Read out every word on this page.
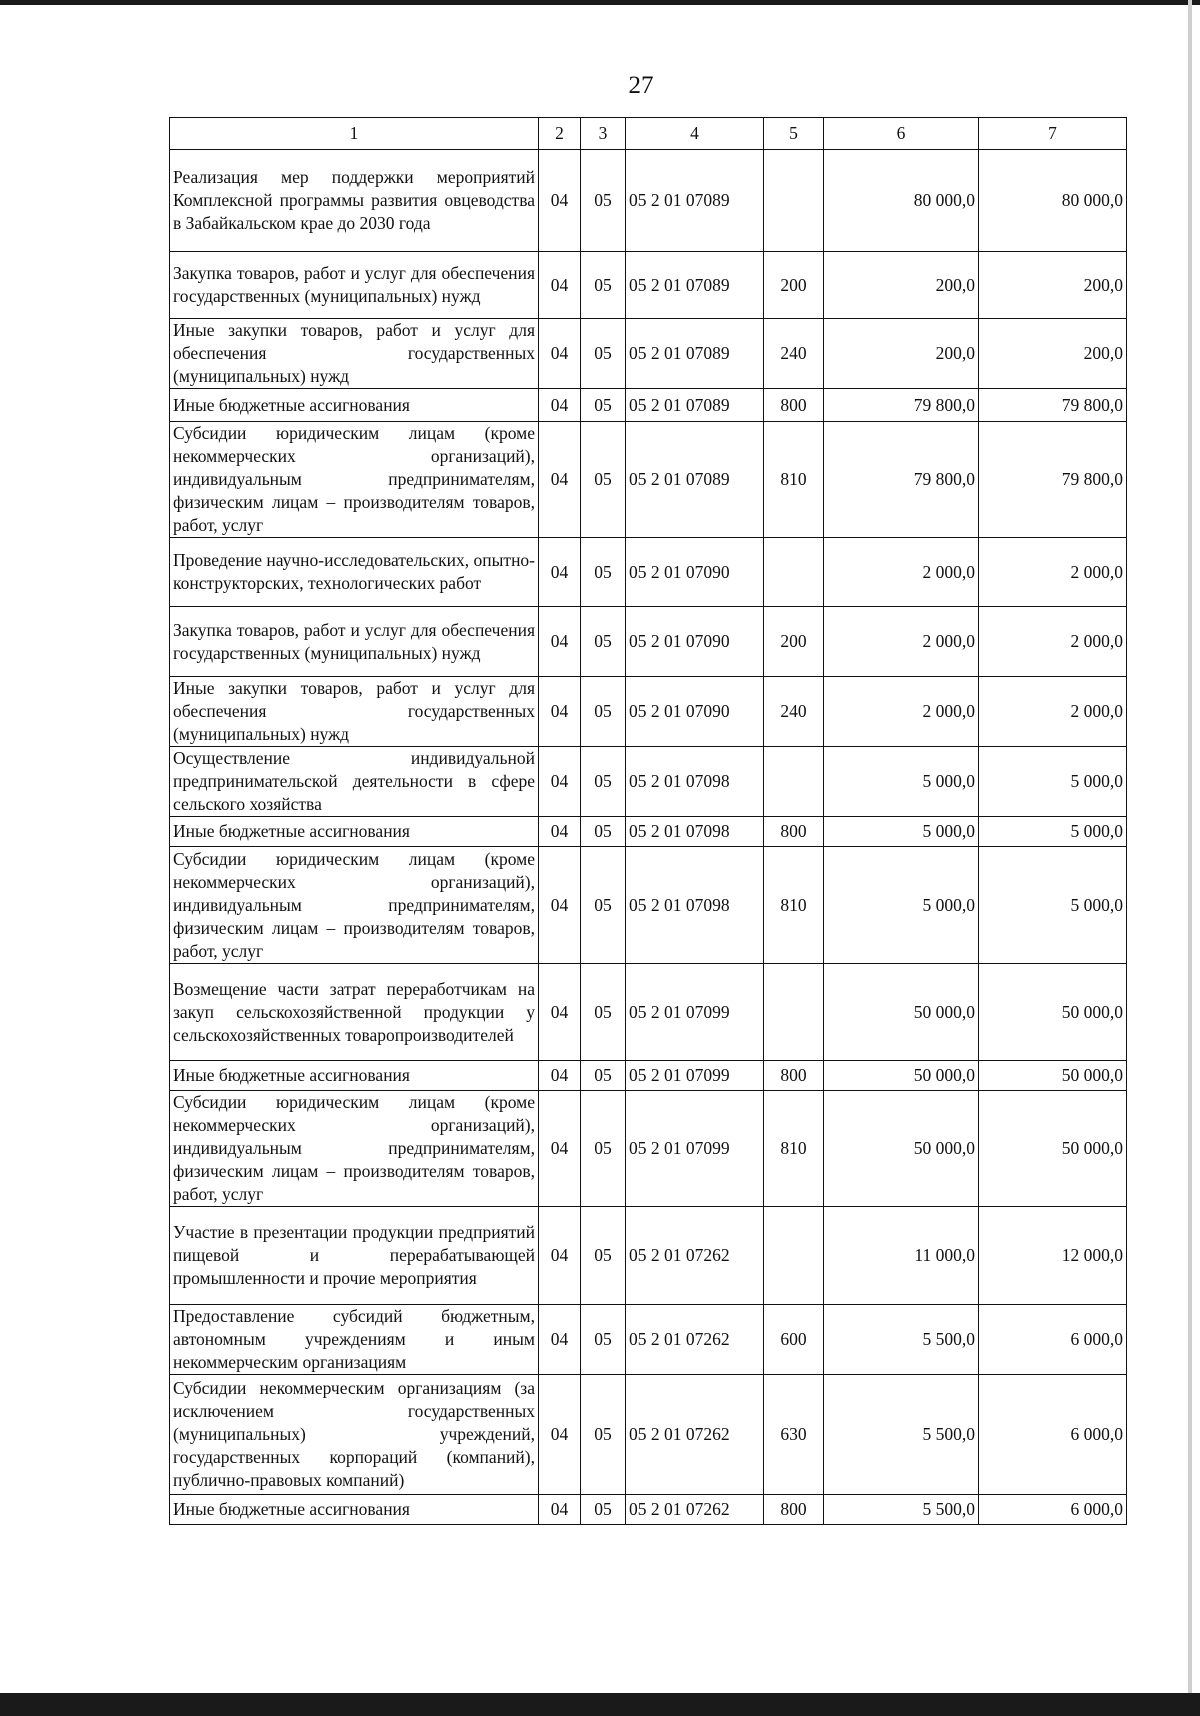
27
1	2	3	4	5	6	7
Реализация мер поддержки мероприятий Комплексной программы развития овцеводства в Забайкальском крае до 2030 года	04	05	05 2 01 07089		80 000,0	80 000,0
Закупка товаров, работ и услуг для обеспечения государственных (муниципальных) нужд	04	05	05 2 01 07089	200	200,0	200,0
Иные закупки товаров, работ и услуг для обеспечения государственных (муниципальных) нужд	04	05	05 2 01 07089	240	200,0	200,0
Иные бюджетные ассигнования	04	05	05 2 01 07089	800	79 800,0	79 800,0
Субсидии юридическим лицам (кроме некоммерческих организаций), индивидуальным предпринимателям, физическим лицам – производителям товаров, работ, услуг	04	05	05 2 01 07089	810	79 800,0	79 800,0
Проведение научно-исследовательских, опытно-конструкторских, технологических работ	04	05	05 2 01 07090		2 000,0	2 000,0
Закупка товаров, работ и услуг для обеспечения государственных (муниципальных) нужд	04	05	05 2 01 07090	200	2 000,0	2 000,0
Иные закупки товаров, работ и услуг для обеспечения государственных (муниципальных) нужд	04	05	05 2 01 07090	240	2 000,0	2 000,0
Осуществление индивидуальной предпринимательской деятельности в сфере сельского хозяйства	04	05	05 2 01 07098		5 000,0	5 000,0
Иные бюджетные ассигнования	04	05	05 2 01 07098	800	5 000,0	5 000,0
Субсидии юридическим лицам (кроме некоммерческих организаций), индивидуальным предпринимателям, физическим лицам – производителям товаров, работ, услуг	04	05	05 2 01 07098	810	5 000,0	5 000,0
Возмещение части затрат переработчикам на закуп сельскохозяйственной продукции у сельскохозяйственных товаропроизводителей	04	05	05 2 01 07099		50 000,0	50 000,0
Иные бюджетные ассигнования	04	05	05 2 01 07099	800	50 000,0	50 000,0
Субсидии юридическим лицам (кроме некоммерческих организаций), индивидуальным предпринимателям, физическим лицам – производителям товаров, работ, услуг	04	05	05 2 01 07099	810	50 000,0	50 000,0
Участие в презентации продукции предприятий пищевой и перерабатывающей промышленности и прочие мероприятия	04	05	05 2 01 07262		11 000,0	12 000,0
Предоставление субсидий бюджетным, автономным учреждениям и иным некоммерческим организациям	04	05	05 2 01 07262	600	5 500,0	6 000,0
Субсидии некоммерческим организациям (за исключением государственных (муниципальных) учреждений, государственных корпораций (компаний), публично-правовых компаний)	04	05	05 2 01 07262	630	5 500,0	6 000,0
Иные бюджетные ассигнования	04	05	05 2 01 07262	800	5 500,0	6 000,0
